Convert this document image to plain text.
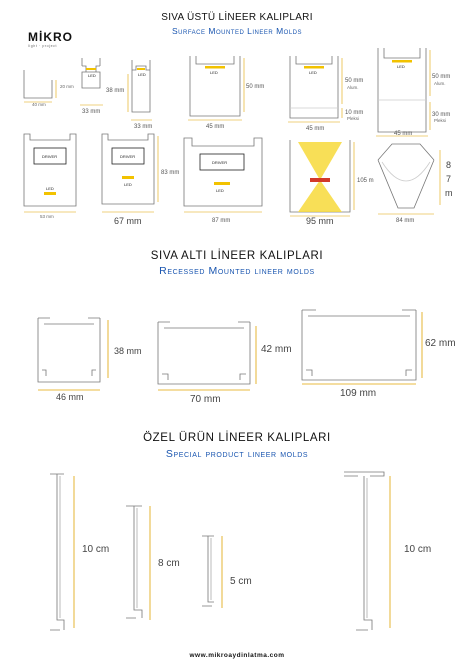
MİKRO
light · project
SIVA ÜSTÜ LİNEER KALIPLARI
Surface Mounted Lineer Molds
SIVA ALTI LİNEER KALIPLARI
Recessed Mounted lineer molds
ÖZEL ÜRÜN LİNEER KALIPLARI
Special product lineer molds
www.mikroaydinlatma.com
20 mm
40 mm
LED
33 mm
LED
38 mm
33 mm
LED
50 mm
45 mm
LED
50 mm
Alum.
10 mm
Pleksi
45 mm
LED
50 mm
Alum.
30 mm
Pleksi
45 mm
DRIVER
LED
53 mm
DRIVER
LED
83 mm
67 mm
DRIVER
LED
87 mm
105 m
95 mm
8
7
m
84 mm
38 mm
46 mm
42 mm
70 mm
62 mm
109 mm
10 cm
8 cm
5 cm
10 cm
